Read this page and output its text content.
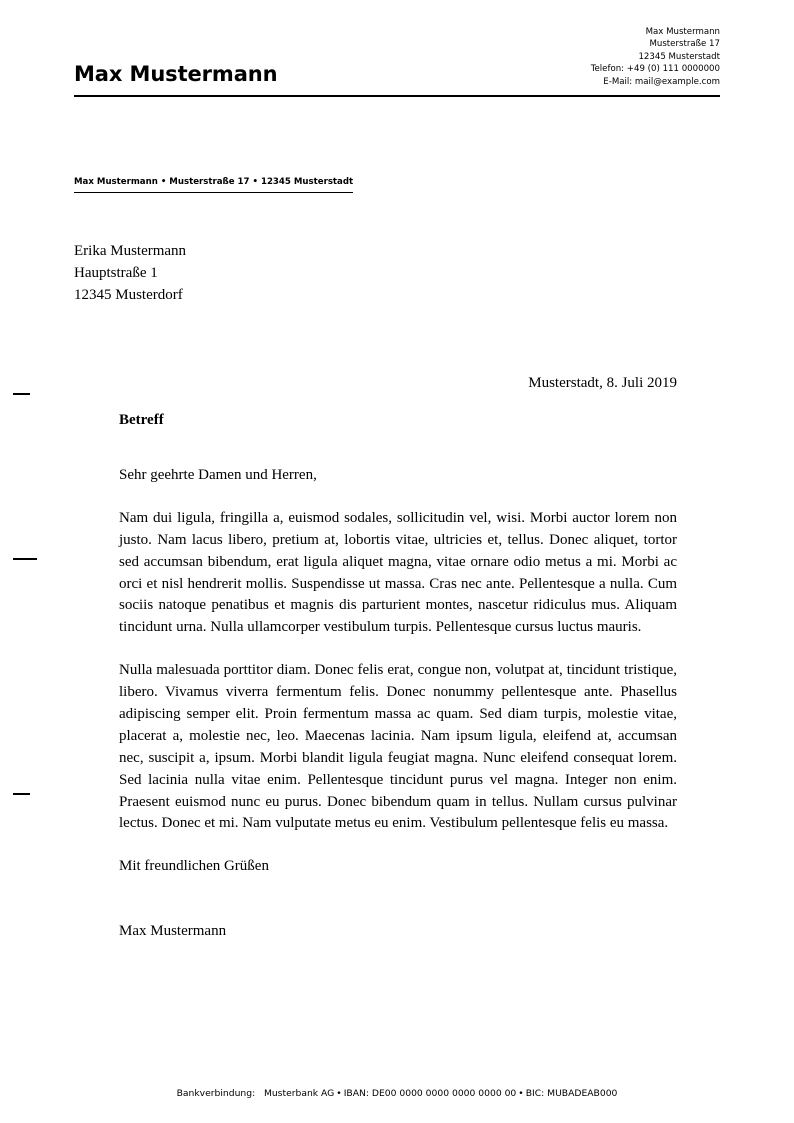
Max Mustermann
Max Mustermann
Musterstraße 17
12345 Musterstadt
Telefon: +49 (0) 111 0000000
E-Mail: mail@example.com
Max Mustermann • Musterstraße 17 • 12345 Musterstadt
Erika Mustermann
Hauptstraße 1
12345 Musterdorf
Musterstadt, 8. Juli 2019
Betreff

Sehr geehrte Damen und Herren,

Nam dui ligula, fringilla a, euismod sodales, sollicitudin vel, wisi. Morbi auctor lorem non justo. Nam lacus libero, pretium at, lobortis vitae, ultricies et, tellus. Donec aliquet, tortor sed accumsan bibendum, erat ligula aliquet magna, vitae ornare odio metus a mi. Morbi ac orci et nisl hendrerit mollis. Suspendisse ut massa. Cras nec ante. Pellentesque a nulla. Cum sociis natoque penatibus et magnis dis parturient montes, nascetur ridiculus mus. Aliquam tincidunt urna. Nulla ullamcorper vestibulum turpis. Pellentesque cursus luctus mauris.

Nulla malesuada porttitor diam. Donec felis erat, congue non, volutpat at, tincidunt tristique, libero. Vivamus viverra fermentum felis. Donec nonummy pellentesque ante. Phasellus adipiscing semper elit. Proin fermentum massa ac quam. Sed diam turpis, molestie vitae, placerat a, molestie nec, leo. Maecenas lacinia. Nam ipsum ligula, eleifend at, accumsan nec, suscipit a, ipsum. Morbi blandit ligula feugiat magna. Nunc eleifend consequat lorem. Sed lacinia nulla vitae enim. Pellentesque tincidunt purus vel magna. Integer non enim. Praesent euismod nunc eu purus. Donec bibendum quam in tellus. Nullam cursus pulvinar lectus. Donec et mi. Nam vulputate metus eu enim. Vestibulum pellentesque felis eu massa.

Mit freundlichen Grüßen

Max Mustermann

Bankverbindung: Musterbank AG • IBAN: DE00 0000 0000 0000 0000 00 • BIC: MUBADEAB000
